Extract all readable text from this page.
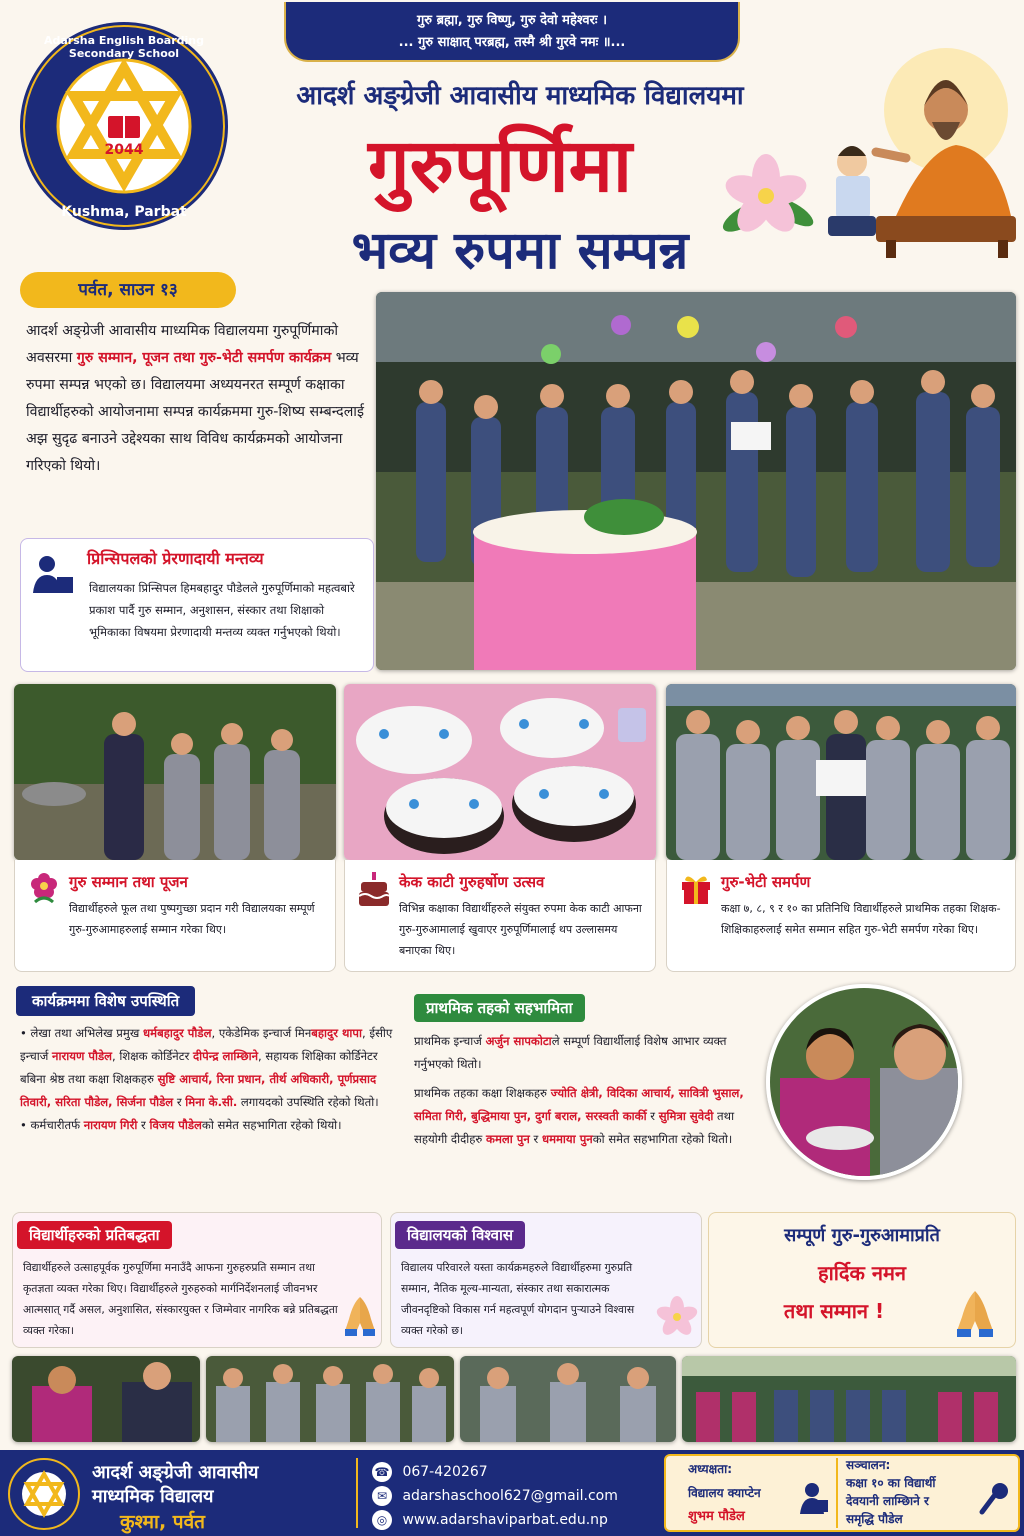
गुरु ब्रह्मा, गुरु विष्णु, गुरु देवो महेश्वरः ।
... गुरु साक्षात् परब्रह्म, तस्मै श्री गुरवे नमः ॥...
2044
Adarsha English Boarding Secondary School
Kushma, Parbat
आदर्श अङ्ग्रेजी आवासीय माध्यमिक विद्यालयमा
गुरुपूर्णिमा
भव्य रुपमा सम्पन्न
पर्वत, साउन १३
आदर्श अङ्ग्रेजी आवासीय माध्यमिक विद्यालयमा गुरुपूर्णिमाको अवसरमा गुरु सम्मान, पूजन तथा गुरु-भेटी समर्पण कार्यक्रम भव्य रुपमा सम्पन्न भएको छ। विद्यालयमा अध्ययनरत सम्पूर्ण कक्षाका विद्यार्थीहरुको आयोजनामा सम्पन्न कार्यक्रममा गुरु-शिष्य सम्बन्दलाई अझ सुदृढ बनाउने उद्देश्यका साथ विविध कार्यक्रमको आयोजना गरिएको थियो।
प्रिन्सिपलको प्रेरणादायी मन्तव्य
विद्यालयका प्रिन्सिपल हिमबहादुर पौडेलले गुरुपूर्णिमाको महत्वबारे प्रकाश पार्दै गुरु सम्मान, अनुशासन, संस्कार तथा शिक्षाको भूमिकाका विषयमा प्रेरणादायी मन्तव्य व्यक्त गर्नुभएको थियो।
गुरु सम्मान तथा पूजन
विद्यार्थीहरुले फूल तथा पुष्पगुच्छा प्रदान गरी विद्यालयका सम्पूर्ण गुरु-गुरुआमाहरुलाई सम्मान गरेका थिए।
केक काटी गुरुहर्षोण उत्सव
विभिन्न कक्षाका विद्यार्थीहरुले संयुक्त रुपमा केक काटी आफना गुरु-गुरुआमालाई खुवाएर गुरुपूर्णिमालाई थप उल्लासमय बनाएका थिए।
गुरु-भेटी समर्पण
कक्षा ७, ८, ९ र १० का प्रतिनिधि विद्यार्थीहरुले प्राथमिक तहका शिक्षक-शिक्षिकाहरुलाई समेत सम्मान सहित गुरु-भेटी समर्पण गरेका थिए।
कार्यक्रममा विशेष उपस्थिति
• लेखा तथा अभिलेख प्रमुख धर्मबहादुर पौडेल, एकेडेमिक इन्चार्ज मिनबहादुर थापा, ईसीए इन्चार्ज नारायण पौडेल, शिक्षक कोर्डिनेटर दीपेन्द्र लाम्छिाने, सहायक शिक्षिका कोर्डिनेटर बबिना श्रेष्ठ तथा कक्षा शिक्षकहरु सुष्टि आचार्य, रिना प्रधान, तीर्थ अधिकारी, पूर्णप्रसाद तिवारी, सरिता पौडेल, सिर्जना पौडेल र मिना के.सी. लगायदको उपस्थिति रहेको थितो।
• कर्मचारीतर्फ नारायण गिरी र विजय पौडेलको समेत सहभागिता रहेको थियो।
प्राथमिक तहको सहभामिता
प्राथमिक इन्चार्ज अर्जुन सापकोटाले सम्पूर्ण विद्यार्थीलाई विशेष आभार व्यक्त गर्नुभएको थितो।
प्राथमिक तहका कक्षा शिक्षकहरु ज्योति क्षेत्री, विदिका आचार्य, सावित्री भुसाल, समिता गिरी, बुद्धिमाया पुन, दुर्गा बराल, सरस्वती कार्की र सुमित्रा सुवेदी तथा सहयोगी दीदीहरु कमला पुन र धममाया पुनको समेत सहभागिता रहेको थितो।
विद्यार्थीहरुको प्रतिबद्धता
विद्यार्थीहरुले उत्साहपूर्वक गुरुपूर्णिमा मनाउँदै आफना गुरुहरुप्रति सम्मान तथा कृतज्ञता व्यक्त गरेका थिए। विद्यार्थीहरुले गुरुहरुको मार्गनिर्देशनलाई जीवनभर आत्मसात् गर्दै असल, अनुशासित, संस्कारयुक्त र जिम्मेवार नागरिक बन्ने प्रतिबद्धता व्यक्त गरेका।
विद्यालयको विश्वास
विद्यालय परिवारले यस्ता कार्यक्रमहरुले विद्यार्थीहरुमा गुरुप्रति सम्मान, नैतिक मूल्य-मान्यता, संस्कार तथा सकारात्मक जीवनदृष्टिको विकास गर्न महत्वपूर्ण योगदान पुर्‍याउने विश्वास व्यक्त गरेको छ।
सम्पूर्ण गुरु-गुरुआमाप्रति
हार्दिक नमन
तथा सम्मान !
आदर्श अङ्ग्रेजी आवासीय
माध्यमिक विद्यालय
कुश्मा, पर्वत
☎ 067-420267
✉ adarshaschool627@gmail.com
◎ www.adarshaviparbat.edu.np
अध्यक्षता:
विद्यालय क्याप्टेन
शुभम पौडेल
सञ्चालन:
कक्षा १० का विद्यार्थी
देवयानी लाम्छिाने र
समृद्धि पौडेल
